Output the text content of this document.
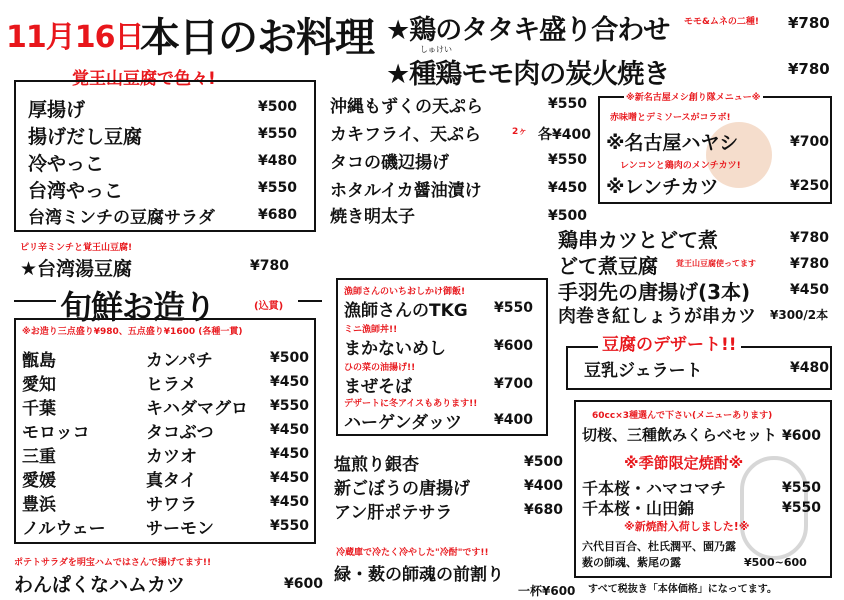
11月16日
本日のお料理 ★鶏のタタキ盛り合わせ モモ&ムネの二種! ¥780
しゅけい
★種鶏モモ肉の炭火焼き	¥780
覚王山豆腐で色々!
厚揚げ	¥500
揚げだし豆腐	¥550
冷やっこ	¥480
台湾やっこ	¥550
台湾ミンチの豆腐サラダ	¥680
ピリ辛ミンチと覚王山豆腐!
★台湾湯豆腐	¥780
旬鮮お造り	(込貫)
※お造り三点盛り¥980、五点盛り¥1600 (各種一貫)
甑島	カンパチ	¥500
愛知	ヒラメ	¥450
千葉	キハダマグロ ¥550
モロッコ	タコぶつ	¥450
三重	カツオ	¥450
愛媛	真タイ	¥450
豊浜	サワラ	¥450
ノルウェー サーモン	¥550
ポテトサラダを明宝ハムではさんで揚げてます!!
わんぱくなハムカツ	¥600
沖縄もずくの天ぷら	¥550
カキフライ、天ぷら	2ヶ 各¥400
タコの磯辺揚げ	¥550
ホタルイカ醤油漬け	¥450
焼き明太子	¥500
漁師さんのいちおしかけ御飯!
漁師さんのTKG ¥550
ミニ漁師丼!!
まかないめし	¥600
ひの菜の油揚げ!!
まぜそば	¥700
デザートに冬アイスもあります!!
ハーゲンダッツ ¥400
塩煎り銀杏	¥500
新ごぼうの唐揚げ	¥400
アン肝ポテサラ	¥680
冷蔵庫で冷たく冷やした"冷酎"です!!
緑・薮の師魂の前割り
一杯¥600
※新名古屋メシ創り隊メニュー※
赤味噌とデミソースがコラボ!
※名古屋ハヤシ	¥700
レンコンと鶏肉のメンチカツ!
※レンチカツ	¥250
鶏串カツとどて煮	¥780
どて煮豆腐 覚王山豆腐使ってます ¥780
手羽先の唐揚げ(3本)	¥450
肉巻き紅しょうが串カツ ¥300/2本
豆腐のデザート!!
豆乳ジェラート	¥480
60cc×3種選んで下さい(メニューあります)
切桜、三種飲みくらべセット ¥600
※季節限定焼酎※
千本桜・ハマコマチ	¥550
千本桜・山田錦	¥550
※新焼酎入荷しました!※
六代目百合、杜氏潤平、園乃露
薮の師魂、紫尾の露	¥500~600
すべて税抜き「本体価格」になってます。
